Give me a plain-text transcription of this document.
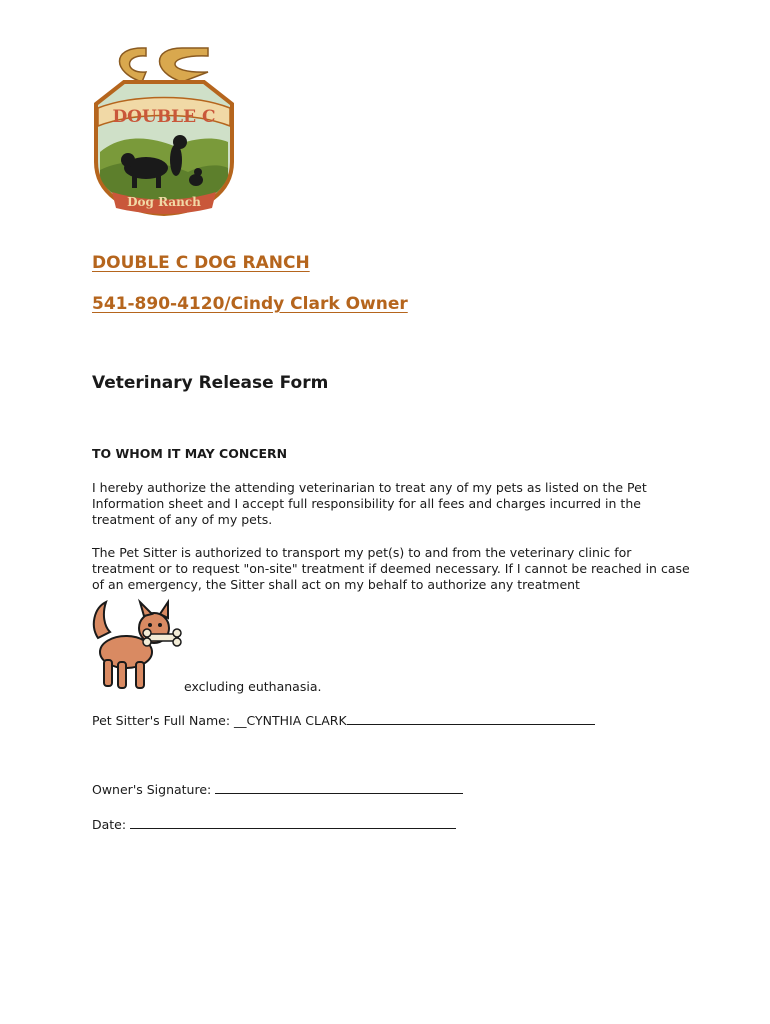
DOUBLE C
Dog Ranch
DOUBLE C DOG RANCH
541-890-4120/Cindy Clark Owner
Veterinary Release Form
TO WHOM IT MAY CONCERN
I hereby authorize the attending veterinarian to treat any of my pets as listed on the Pet Information sheet and I accept full responsibility for all fees and charges incurred in the treatment of any of my pets.
The Pet Sitter is authorized to transport my pet(s) to and from the veterinary clinic for treatment or to request "on-site" treatment if deemed necessary. If I cannot be reached in case of an emergency, the Sitter shall act on my behalf to authorize any treatment
excluding euthanasia.
Pet Sitter's Full Name: __CYNTHIA CLARK
Owner's Signature:
Date:
